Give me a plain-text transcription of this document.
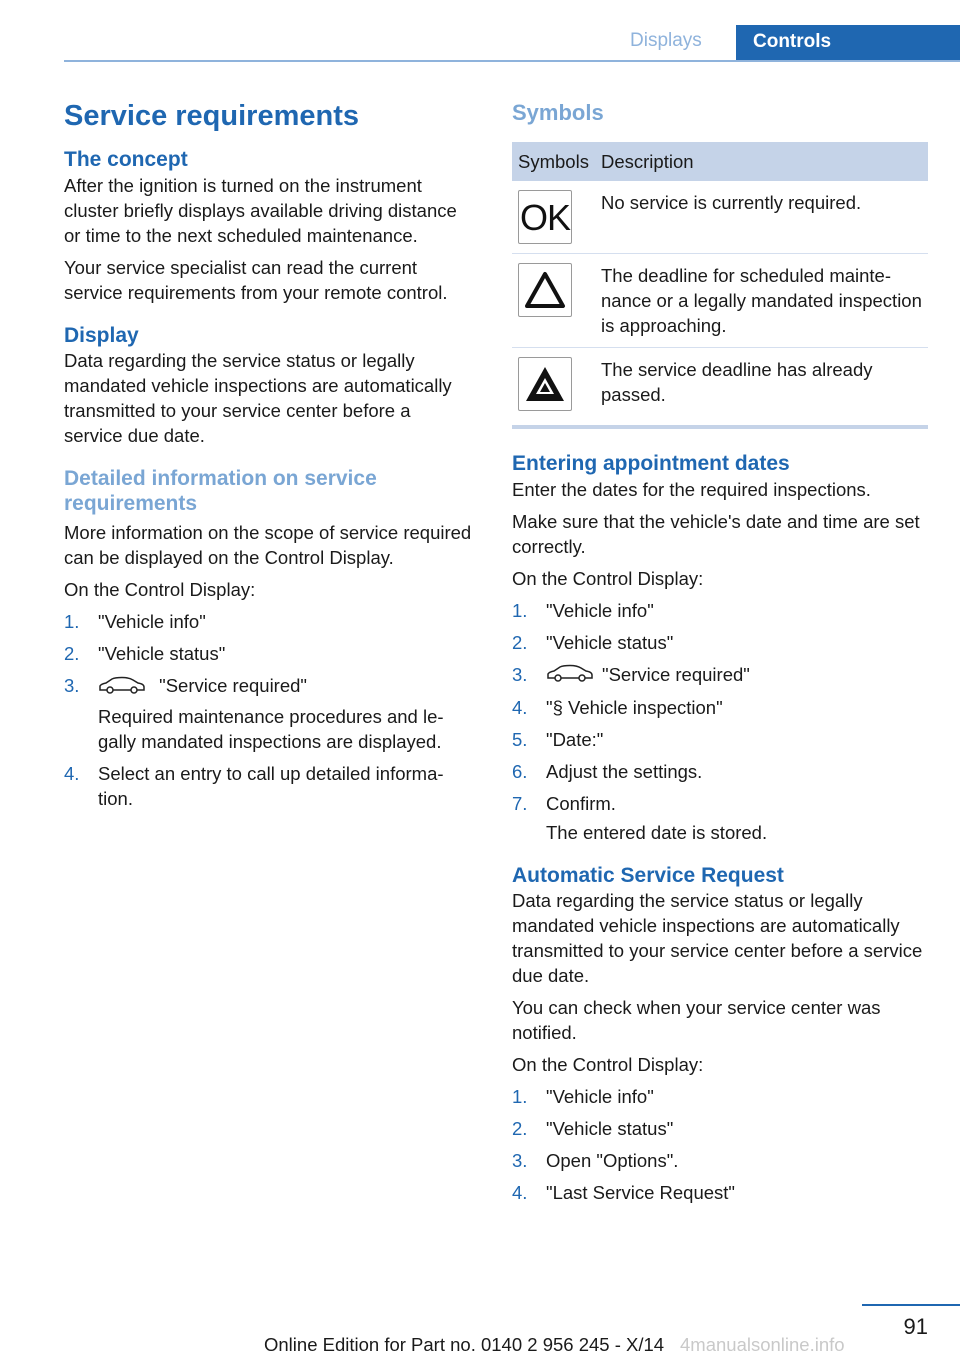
Displays	Controls
Service requirements
The concept

After the ignition is turned on the instrument cluster briefly displays available driving distance or time to the next scheduled maintenance.

Your service specialist can read the current service requirements from your remote control.

Display

Data regarding the service status or legally mandated vehicle inspections are automatically transmitted to your service center before a service due date.

Detailed information on service requirements

More information on the scope of service required can be displayed on the Control Display.

On the Control Display:

1. "Vehicle info"
2. "Vehicle status"
3.	"Service required"
Required maintenance procedures and legally mandated inspections are displayed.
4. Select an entry to call up detailed information.
Symbols
Symbols	Description

OK	No service is currently required.

	The deadline for scheduled maintenance or a legally mandated inspection is approaching.

	The service deadline has already passed.
Entering appointment dates

Enter the dates for the required inspections.

Make sure that the vehicle's date and time are set correctly.

On the Control Display:

1. "Vehicle info"
2. "Vehicle status"
3.	"Service required"
4. "§ Vehicle inspection"
5. "Date:"
6. Adjust the settings.
7. Confirm.
The entered date is stored.
Automatic Service Request

Data regarding the service status or legally mandated vehicle inspections are automatically transmitted to your service center before a service due date.

You can check when your service center was notified.

On the Control Display:

1. "Vehicle info"
2. "Vehicle status"
3. Open "Options".
4. "Last Service Request"
91
Online Edition for Part no. 0140 2 956 245 - X/14 4manualsonline.info
